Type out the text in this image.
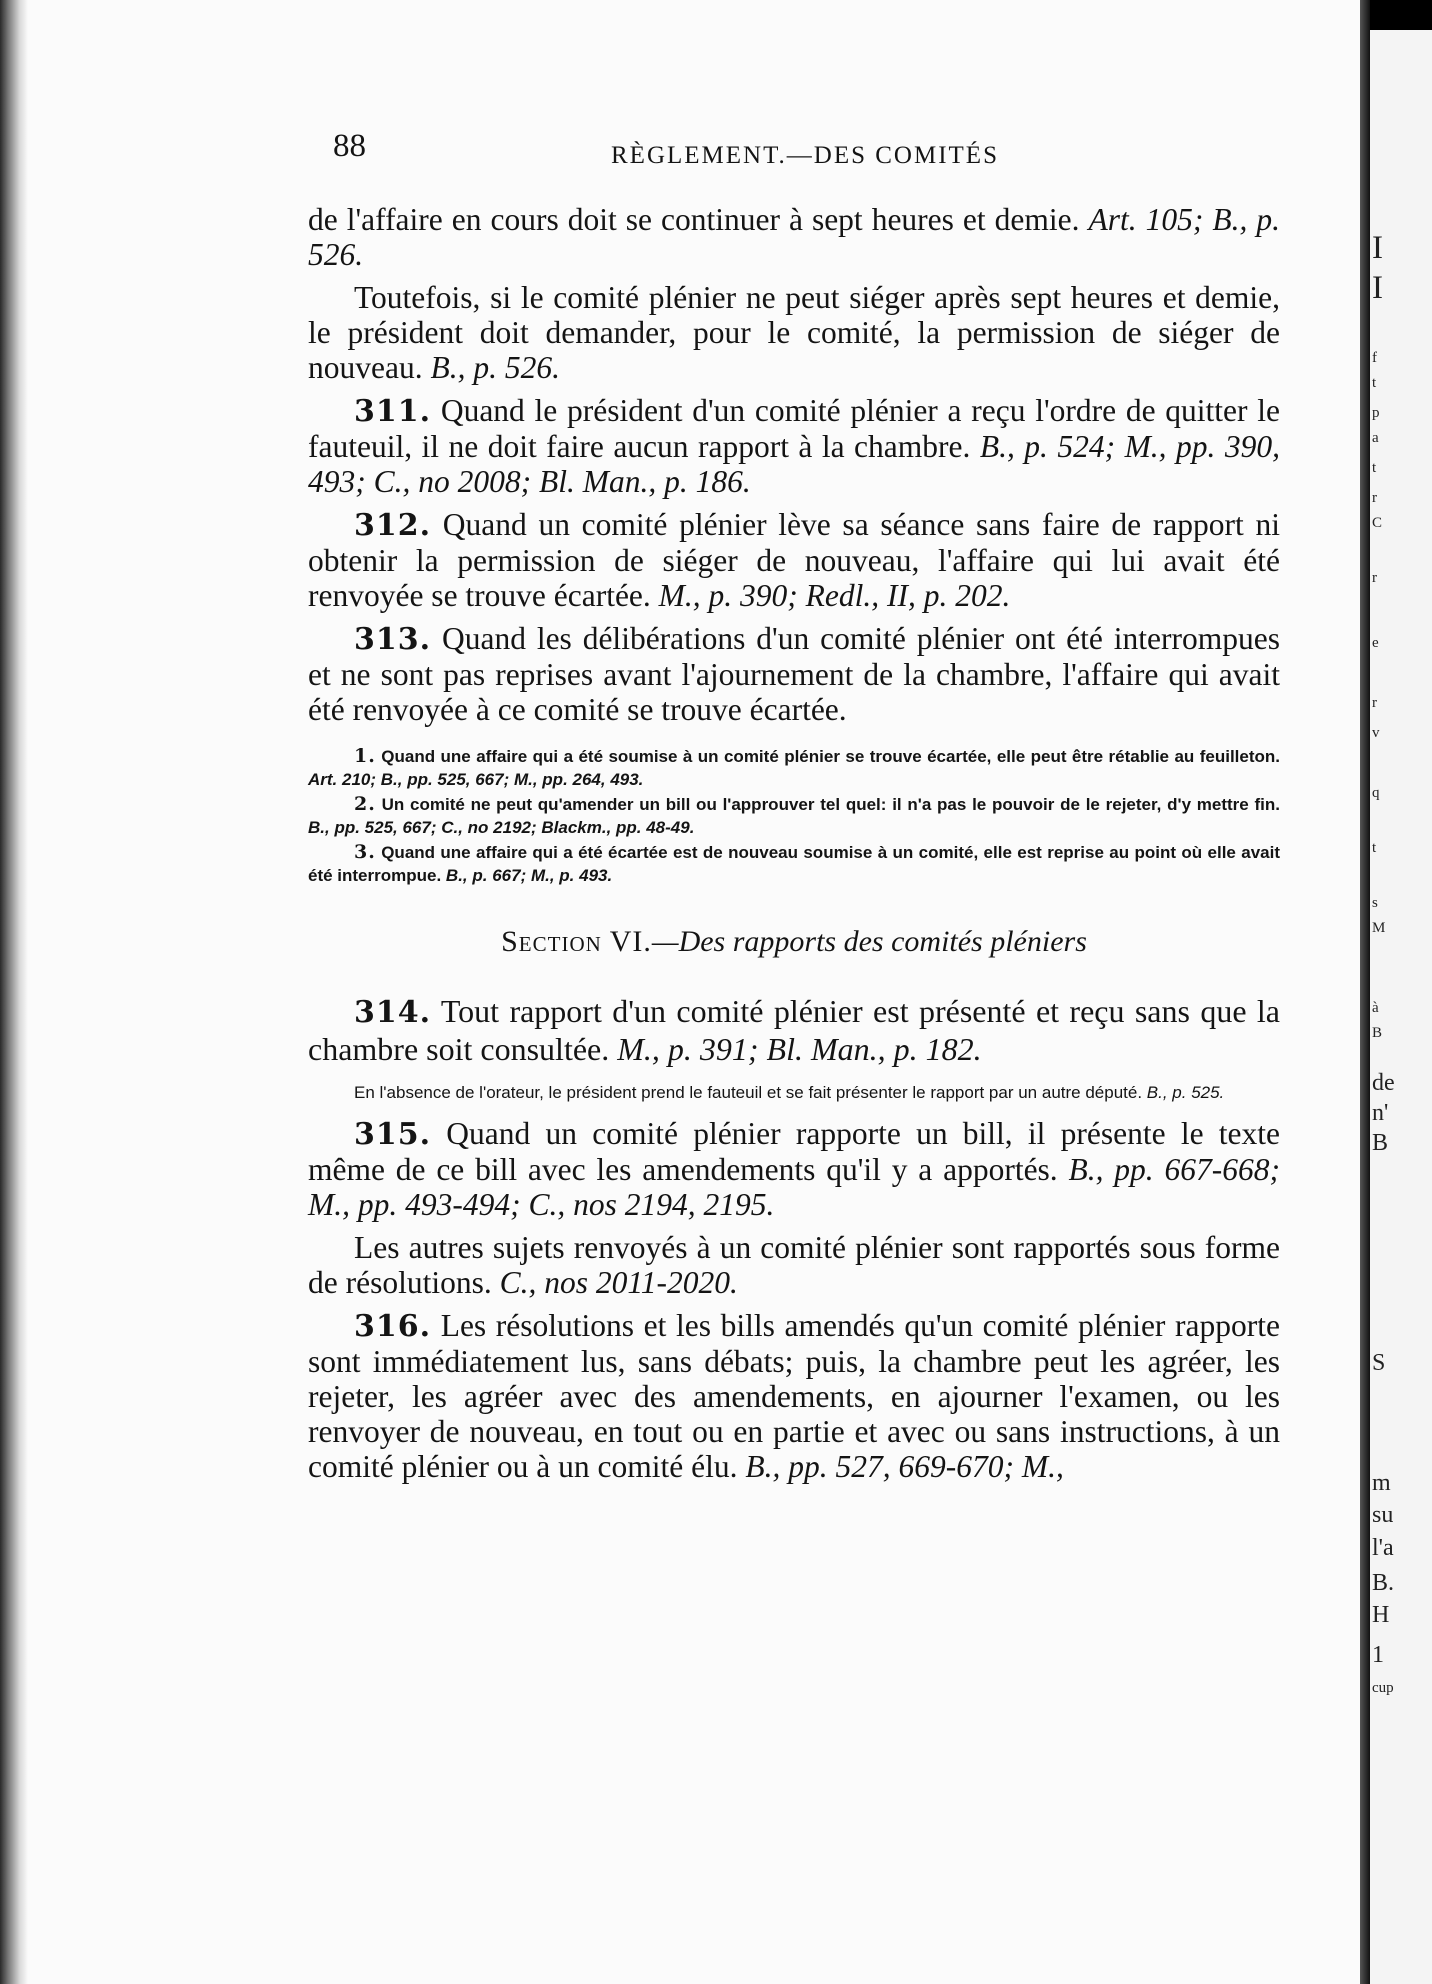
88	RÈGLEMENT.—DES COMITÉS

de l'affaire en cours doit se continuer à sept heures et demie. Art. 105; B., p. 526.

Toutefois, si le comité plénier ne peut siéger après sept heures et demie, le président doit demander, pour le comité, la permission de siéger de nouveau. B., p. 526.

311. Quand le président d'un comité plénier a reçu l'ordre de quitter le fauteuil, il ne doit faire aucun rapport à la chambre. B., p. 524; M., pp. 390, 493; C., no 2008; Bl. Man., p. 186.

312. Quand un comité plénier lève sa séance sans faire de rapport ni obtenir la permission de siéger de nouveau, l'affaire qui lui avait été renvoyée se trouve écartée. M., p. 390; Redl., II, p. 202.

313. Quand les délibérations d'un comité plénier ont été interrompues et ne sont pas reprises avant l'ajournement de la chambre, l'affaire qui avait été renvoyée à ce comité se trouve écartée.

1. Quand une affaire qui a été soumise à un comité plénier se trouve écartée, elle peut être rétablie au feuilleton. Art. 210; B., pp. 525, 667; M., pp. 264, 493.

2. Un comité ne peut qu'amender un bill ou l'approuver tel quel: il n'a pas le pouvoir de le rejeter, d'y mettre fin. B., pp. 525, 667; C., no 2192; Blackm., pp. 48-49.

3. Quand une affaire qui a été écartée est de nouveau soumise à un comité, elle est reprise au point où elle avait été interrompue. B., p. 667; M., p. 493.

Section VI.—Des rapports des comités pléniers

314. Tout rapport d'un comité plénier est présenté et reçu sans que la chambre soit consultée. M., p. 391; Bl. Man., p. 182.

En l'absence de l'orateur, le président prend le fauteuil et se fait présenter le rapport par un autre député. B., p. 525.

315. Quand un comité plénier rapporte un bill, il présente le texte même de ce bill avec les amendements qu'il y a apportés. B., pp. 667-668; M., pp. 493-494; C., nos 2194, 2195.

Les autres sujets renvoyés à un comité plénier sont rapportés sous forme de résolutions. C., nos 2011-2020.

316. Les résolutions et les bills amendés qu'un comité plénier rapporte sont immédiatement lus, sans débats; puis, la chambre peut les agréer, les rejeter, les agréer avec des amendements, en ajourner l'examen, ou les renvoyer de nouveau, en tout ou en partie et avec ou sans instructions, à un comité plénier ou à un comité élu. B., pp. 527, 669-670; M.,

I
I
f
t
p
a
t
r
C
r
e
r
v
q
t
s
M
à
B
de
n'
B
S
m
su
l'a
B.
H
1
cup
